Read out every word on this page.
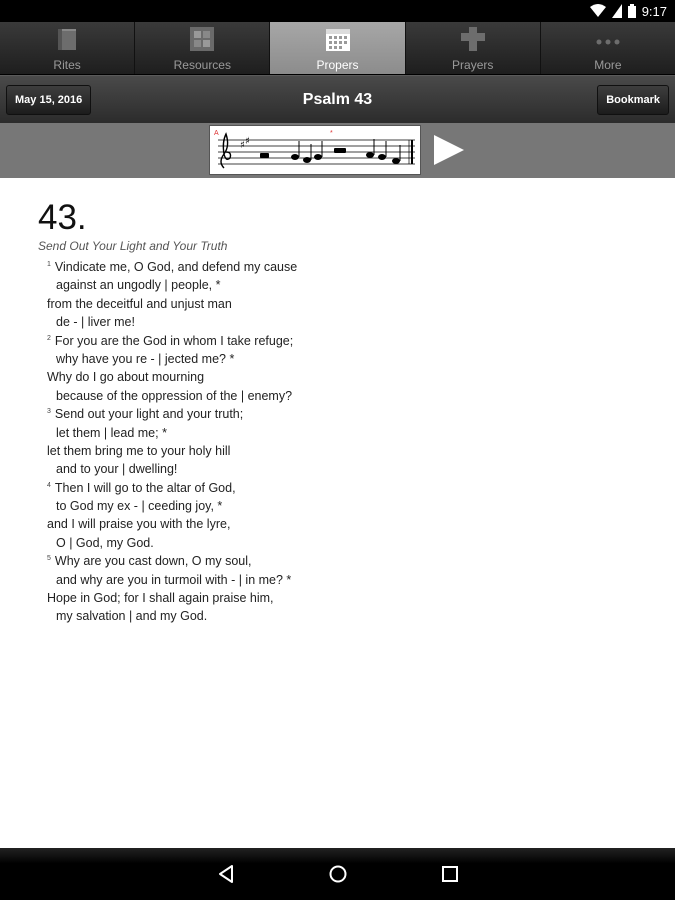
9:17
Rites	Resources	Propers	Prayers	More
May 15, 2016	Psalm 43	Bookmark
♯ ♯
A	*
43.
Send Out Your Light and Your Truth
$^1$ Vindicate me, O God, and defend my cause
against an ungodly | people, *
from the deceitful and unjust man
de - | liver me!
$^2$ For you are the God in whom I take refuge;
why have you re - | jected me? *
Why do I go about mourning
because of the oppression of the | enemy?
$^3$ Send out your light and your truth;
let them | lead me; *
let them bring me to your holy hill
and to your | dwelling!
$^4$ Then I will go to the altar of God,
to God my ex - | ceeding joy, *
and I will praise you with the lyre,
O | God, my God.
$^5$ Why are you cast down, O my soul,
and why are you in turmoil with - | in me? *
Hope in God; for I shall again praise him,
my salvation | and my God.
